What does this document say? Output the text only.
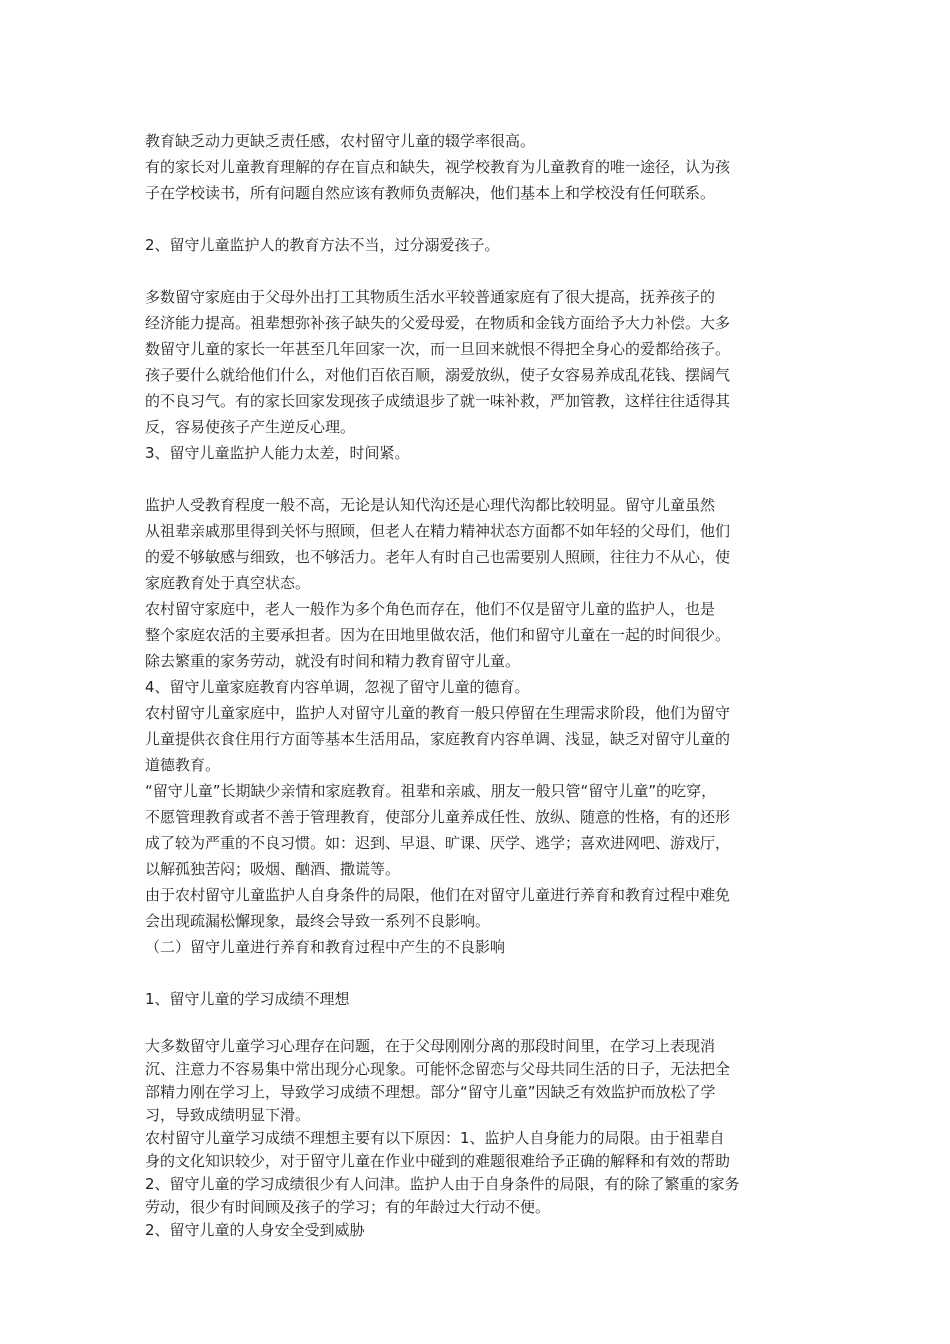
教育缺乏动力更缺乏责任感，农村留守儿童的辍学率很高。
有的家长对儿童教育理解的存在盲点和缺失，视学校教育为儿童教育的唯一途径，认为孩
子在学校读书，所有问题自然应该有教师负责解决，他们基本上和学校没有任何联系。
2、留守儿童监护人的教育方法不当，过分溺爱孩子。
多数留守家庭由于父母外出打工其物质生活水平较普通家庭有了很大提高，抚养孩子的
经济能力提高。祖辈想弥补孩子缺失的父爱母爱，在物质和金钱方面给予大力补偿。大多
数留守儿童的家长一年甚至几年回家一次，而一旦回来就恨不得把全身心的爱都给孩子。
孩子要什么就给他们什么，对他们百依百顺，溺爱放纵，使子女容易养成乱花钱、摆阔气
的不良习气。有的家长回家发现孩子成绩退步了就一味补救，严加管教，这样往往适得其
反，容易使孩子产生逆反心理。
3、留守儿童监护人能力太差，时间紧。
监护人受教育程度一般不高，无论是认知代沟还是心理代沟都比较明显。留守儿童虽然
从祖辈亲戚那里得到关怀与照顾，但老人在精力精神状态方面都不如年轻的父母们，他们
的爱不够敏感与细致，也不够活力。老年人有时自己也需要别人照顾，往往力不从心，使
家庭教育处于真空状态。
农村留守家庭中，老人一般作为多个角色而存在，他们不仅是留守儿童的监护人，也是
整个家庭农活的主要承担者。因为在田地里做农活，他们和留守儿童在一起的时间很少。
除去繁重的家务劳动，就没有时间和精力教育留守儿童。
4、留守儿童家庭教育内容单调，忽视了留守儿童的德育。
农村留守儿童家庭中，监护人对留守儿童的教育一般只停留在生理需求阶段，他们为留守
儿童提供衣食住用行方面等基本生活用品，家庭教育内容单调、浅显，缺乏对留守儿童的
道德教育。
“留守儿童”长期缺少亲情和家庭教育。祖辈和亲戚、朋友一般只管“留守儿童”的吃穿，
不愿管理教育或者不善于管理教育，使部分儿童养成任性、放纵、随意的性格，有的还形
成了较为严重的不良习惯。如：迟到、早退、旷课、厌学、逃学；喜欢进网吧、游戏厅，
以解孤独苦闷；吸烟、酗酒、撒谎等。
由于农村留守儿童监护人自身条件的局限，他们在对留守儿童进行养育和教育过程中难免
会出现疏漏松懈现象，最终会导致一系列不良影响。
（二）留守儿童进行养育和教育过程中产生的不良影响
1、留守儿童的学习成绩不理想
大多数留守儿童学习心理存在问题，在于父母刚刚分离的那段时间里，在学习上表现消
沉、注意力不容易集中常出现分心现象。可能怀念留恋与父母共同生活的日子，无法把全
部精力刚在学习上，导致学习成绩不理想。部分“留守儿童”因缺乏有效监护而放松了学
习，导致成绩明显下滑。
农村留守儿童学习成绩不理想主要有以下原因：1、监护人自身能力的局限。由于祖辈自
身的文化知识较少，对于留守儿童在作业中碰到的难题很难给予正确的解释和有效的帮助
2、留守儿童的学习成绩很少有人问津。监护人由于自身条件的局限，有的除了繁重的家务
劳动，很少有时间顾及孩子的学习；有的年龄过大行动不便。
2、留守儿童的人身安全受到威胁
